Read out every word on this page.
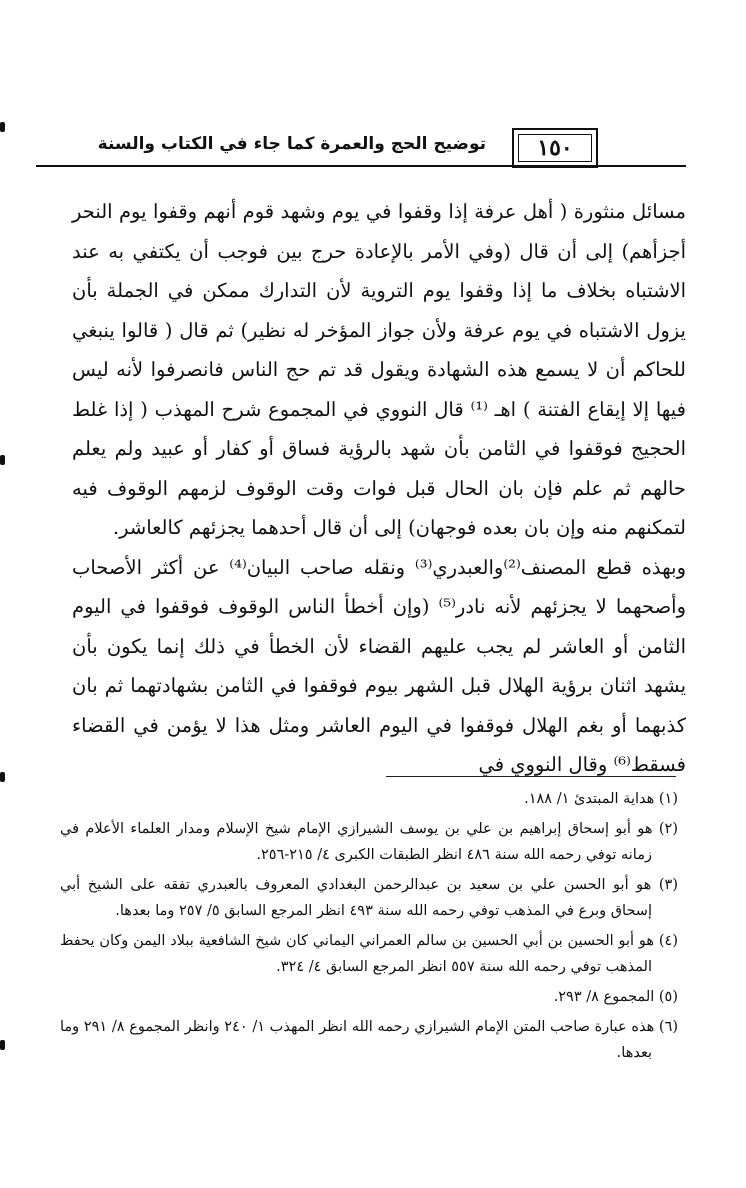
توضيح الحج والعمرة كما جاء في الكتاب والسنة	١٥٠

مسائل منثورة ( أهل عرفة إذا وقفوا في يوم وشهد قوم أنهم وقفوا يوم النحر أجزأهم) إلى أن قال (وفي الأمر بالإعادة حرج بين فوجب أن يكتفي به عند الاشتباه بخلاف ما إذا وقفوا يوم التروية لأن التدارك ممكن في الجملة بأن يزول الاشتباه في يوم عرفة ولأن جواز المؤخر له نظير) ثم قال ( قالوا ينبغي للحاكم أن لا يسمع هذه الشهادة ويقول قد تم حج الناس فانصرفوا لأنه ليس فيها إلا إيقاع الفتنة ) اهـ ⁽¹⁾ قال النووي في المجموع شرح المهذب ( إذا غلط الحجيج فوقفوا في الثامن بأن شهد بالرؤية فساق أو كفار أو عبيد ولم يعلم حالهم ثم علم فإن بان الحال قبل فوات وقت الوقوف لزمهم الوقوف فيه لتمكنهم منه وإن بان بعده فوجهان) إلى أن قال أحدهما يجزئهم كالعاشر.

وبهذه قطع المصنف⁽²⁾والعبدري⁽³⁾ ونقله صاحب البيان⁽⁴⁾ عن أكثر الأصحاب وأصحهما لا يجزئهم لأنه نادر⁽⁵⁾ (وإن أخطأ الناس الوقوف فوقفوا في اليوم الثامن أو العاشر لم يجب عليهم القضاء لأن الخطأ في ذلك إنما يكون بأن يشهد اثنان برؤية الهلال قبل الشهر بيوم فوقفوا في الثامن بشهادتهما ثم بان كذبهما أو بغم الهلال فوقفوا في اليوم العاشر ومثل هذا لا يؤمن في القضاء فسقط⁽⁶⁾ وقال النووي في

(١) هداية المبتدئ ١/ ١٨٨.

(٢) هو أبو إسحاق إبراهيم بن علي بن يوسف الشيرازي الإمام شيخ الإسلام ومدار العلماء الأعلام في زمانه توفي رحمه الله سنة ٤٨٦ انظر الطبقات الكبرى ٤/ ٢١٥-٢٥٦.

(٣) هو أبو الحسن علي بن سعيد بن عبدالرحمن البغدادي المعروف بالعبدري تفقه على الشيخ أبي إسحاق وبرع في المذهب توفي رحمه الله سنة ٤٩٣ انظر المرجع السابق ٥/ ٢٥٧ وما بعدها.

(٤) هو أبو الحسين بن أبي الحسين بن سالم العمراني اليماني كان شيخ الشافعية ببلاد اليمن وكان يحفظ المذهب توفي رحمه الله سنة ٥٥٧ انظر المرجع السابق ٤/ ٣٢٤.

(٥) المجموع ٨/ ٢٩٣.

(٦) هذه عبارة صاحب المتن الإمام الشيرازي رحمه الله انظر المهذب ١/ ٢٤٠ وانظر المجموع ٨/ ٢٩١ وما بعدها.
